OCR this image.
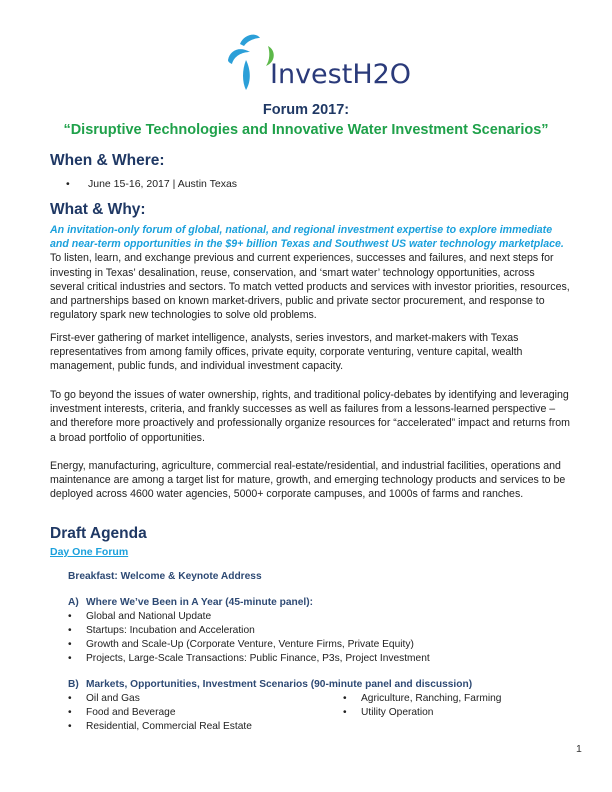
InvestH2O
Forum 2017:
“Disruptive Technologies and Innovative Water Investment Scenarios”
When & Where:
• June 15-16, 2017 | Austin Texas
What & Why:
An invitation-only forum of global, national, and regional investment expertise to explore immediate and near-term opportunities in the $9+ billion Texas and Southwest US water technology marketplace. To listen, learn, and exchange previous and current experiences, successes and failures, and next steps for investing in Texas’ desalination, reuse, conservation, and ‘smart water’ technology opportunities, across several critical industries and sectors. To match vetted products and services with investor priorities, resources, and partnerships based on known market-drivers, public and private sector procurement, and response to regulatory spark new technologies to solve old problems.
First-ever gathering of market intelligence, analysts, series investors, and market-makers with Texas representatives from among family offices, private equity, corporate venturing, venture capital, wealth management, public funds, and individual investment capacity.
To go beyond the issues of water ownership, rights, and traditional policy-debates by identifying and leveraging investment interests, criteria, and frankly successes as well as failures from a lessons-learned perspective – and therefore more proactively and professionally organize resources for “accelerated” impact and returns from a broad portfolio of opportunities.
Energy, manufacturing, agriculture, commercial real-estate/residential, and industrial facilities, operations and maintenance are among a target list for mature, growth, and emerging technology products and services to be deployed across 4600 water agencies, 5000+ corporate campuses, and 1000s of farms and ranches.
Draft Agenda
Day One Forum
Breakfast: Welcome & Keynote Address
A) Where We’ve Been in A Year (45-minute panel):
• Global and National Update
• Startups: Incubation and Acceleration
• Growth and Scale-Up (Corporate Venture, Venture Firms, Private Equity)
• Projects, Large-Scale Transactions: Public Finance, P3s, Project Investment
B) Markets, Opportunities, Investment Scenarios (90-minute panel and discussion)
• Oil and Gas
• Food and Beverage
• Residential, Commercial Real Estate
• Agriculture, Ranching, Farming
• Utility Operation
1
